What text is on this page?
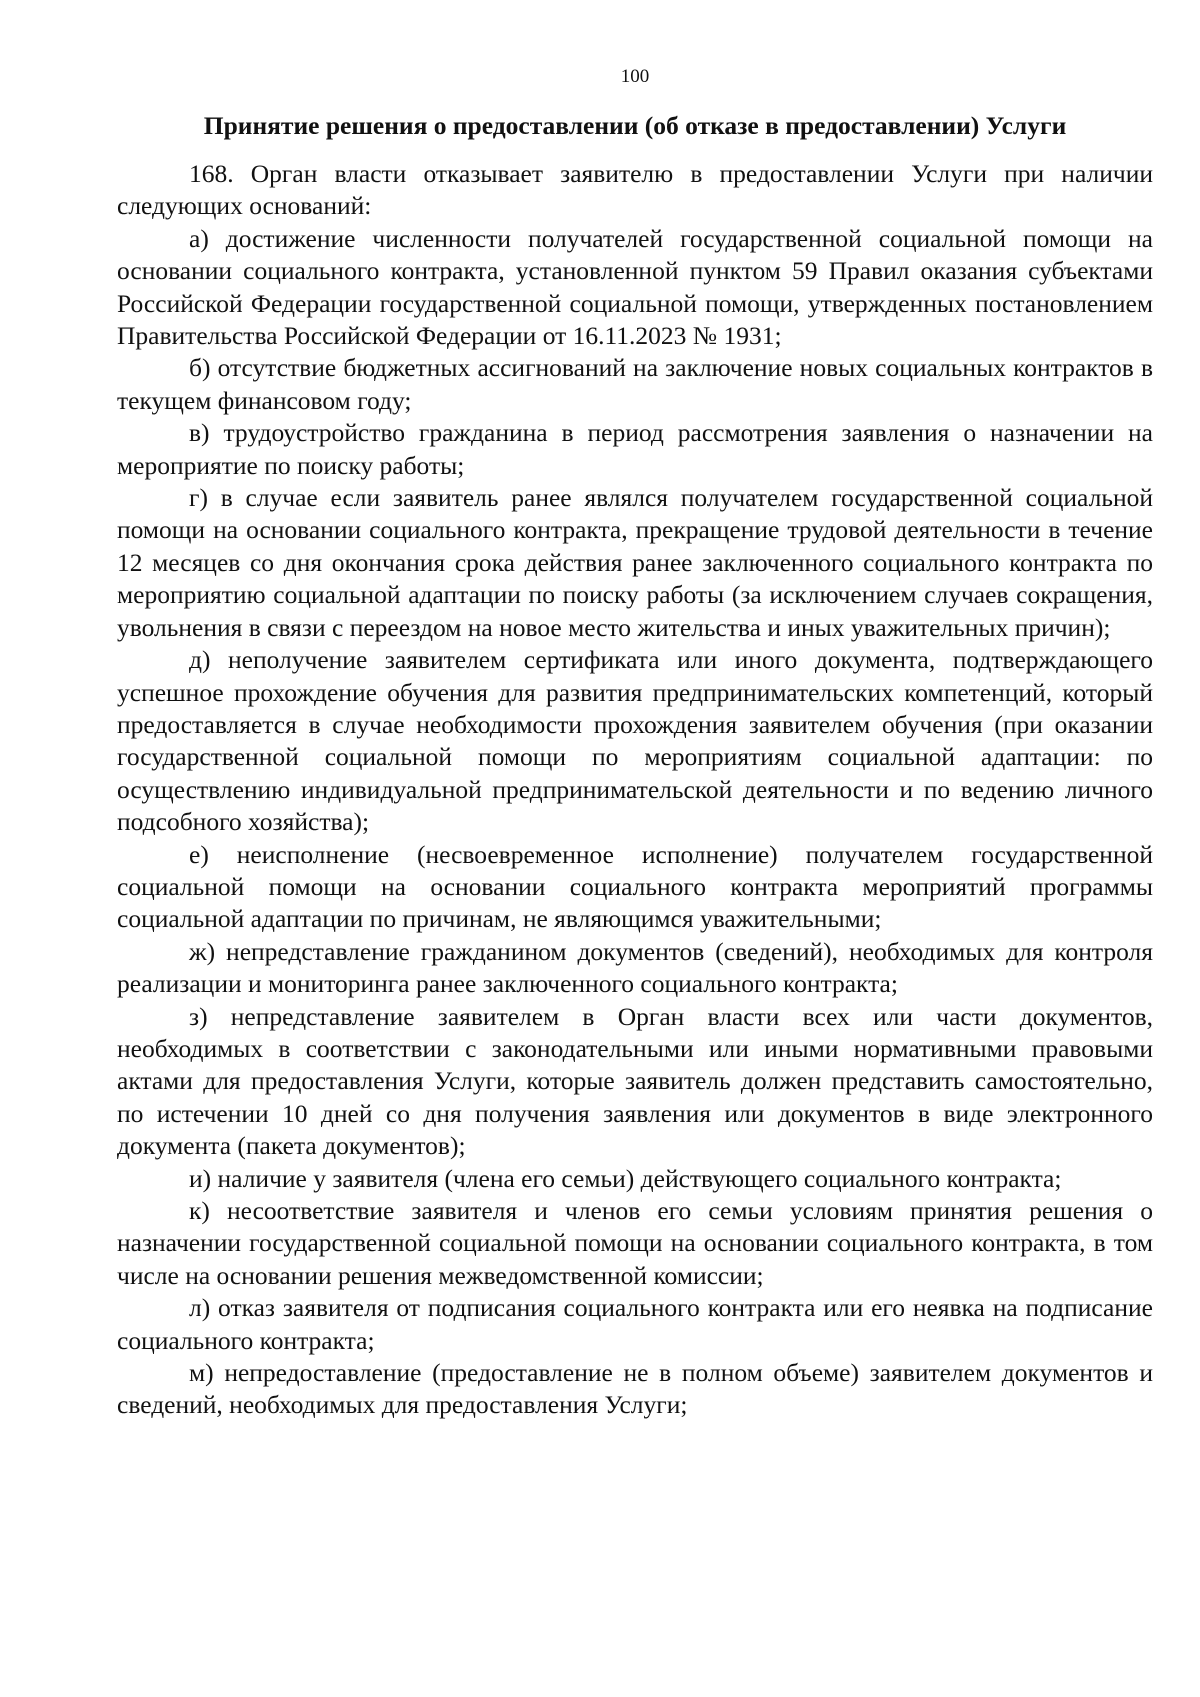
100
Принятие решения о предоставлении (об отказе в предоставлении) Услуги

168. Орган власти отказывает заявителю в предоставлении Услуги при наличии следующих оснований:

а) достижение численности получателей государственной социальной помощи на основании социального контракта, установленной пунктом 59 Правил оказания субъектами Российской Федерации государственной социальной помощи, утвержденных постановлением Правительства Российской Федерации от 16.11.2023 № 1931;

б) отсутствие бюджетных ассигнований на заключение новых социальных контрактов в текущем финансовом году;

в) трудоустройство гражданина в период рассмотрения заявления о назначении на мероприятие по поиску работы;

г) в случае если заявитель ранее являлся получателем государственной социальной помощи на основании социального контракта, прекращение трудовой деятельности в течение 12 месяцев со дня окончания срока действия ранее заключенного социального контракта по мероприятию социальной адаптации по поиску работы (за исключением случаев сокращения, увольнения в связи с переездом на новое место жительства и иных уважительных причин);

д) неполучение заявителем сертификата или иного документа, подтверждающего успешное прохождение обучения для развития предпринимательских компетенций, который предоставляется в случае необходимости прохождения заявителем обучения (при оказании государственной социальной помощи по мероприятиям социальной адаптации: по осуществлению индивидуальной предпринимательской деятельности и по ведению личного подсобного хозяйства);

е) неисполнение (несвоевременное исполнение) получателем государственной социальной помощи на основании социального контракта мероприятий программы социальной адаптации по причинам, не являющимся уважительными;

ж) непредставление гражданином документов (сведений), необходимых для контроля реализации и мониторинга ранее заключенного социального контракта;

з) непредставление заявителем в Орган власти всех или части документов, необходимых в соответствии с законодательными или иными нормативными правовыми актами для предоставления Услуги, которые заявитель должен представить самостоятельно, по истечении 10 дней со дня получения заявления или документов в виде электронного документа (пакета документов);

и) наличие у заявителя (члена его семьи) действующего социального контракта;

к) несоответствие заявителя и членов его семьи условиям принятия решения о назначении государственной социальной помощи на основании социального контракта, в том числе на основании решения межведомственной комиссии;

л) отказ заявителя от подписания социального контракта или его неявка на подписание социального контракта;

м) непредоставление (предоставление не в полном объеме) заявителем документов и сведений, необходимых для предоставления Услуги;
